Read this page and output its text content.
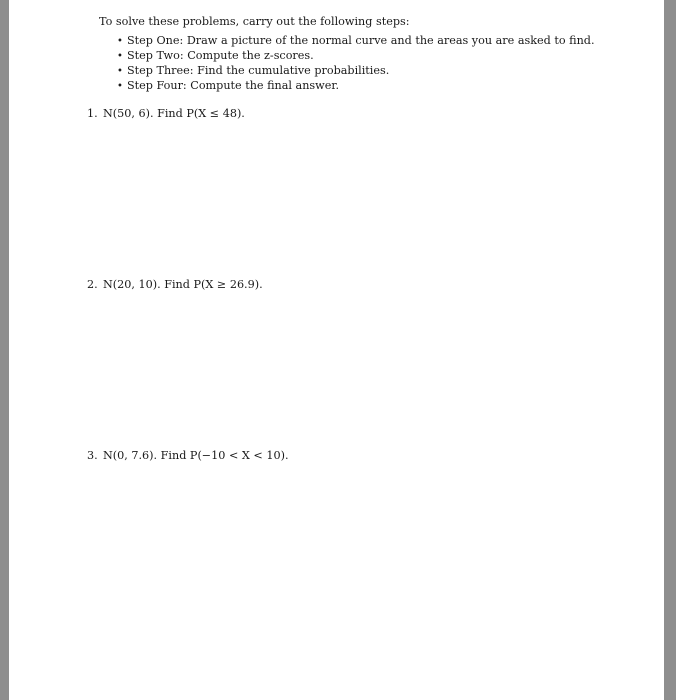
To solve these problems, carry out the following steps:

• Step One: Draw a picture of the normal curve and the areas you are asked to find.
• Step Two: Compute the z-scores.
• Step Three: Find the cumulative probabilities.
• Step Four: Compute the final answer.

1. N(50, 6). Find P(X ≤ 48).

2. N(20, 10). Find P(X ≥ 26.9).

3. N(0, 7.6). Find P(−10 < X < 10).
